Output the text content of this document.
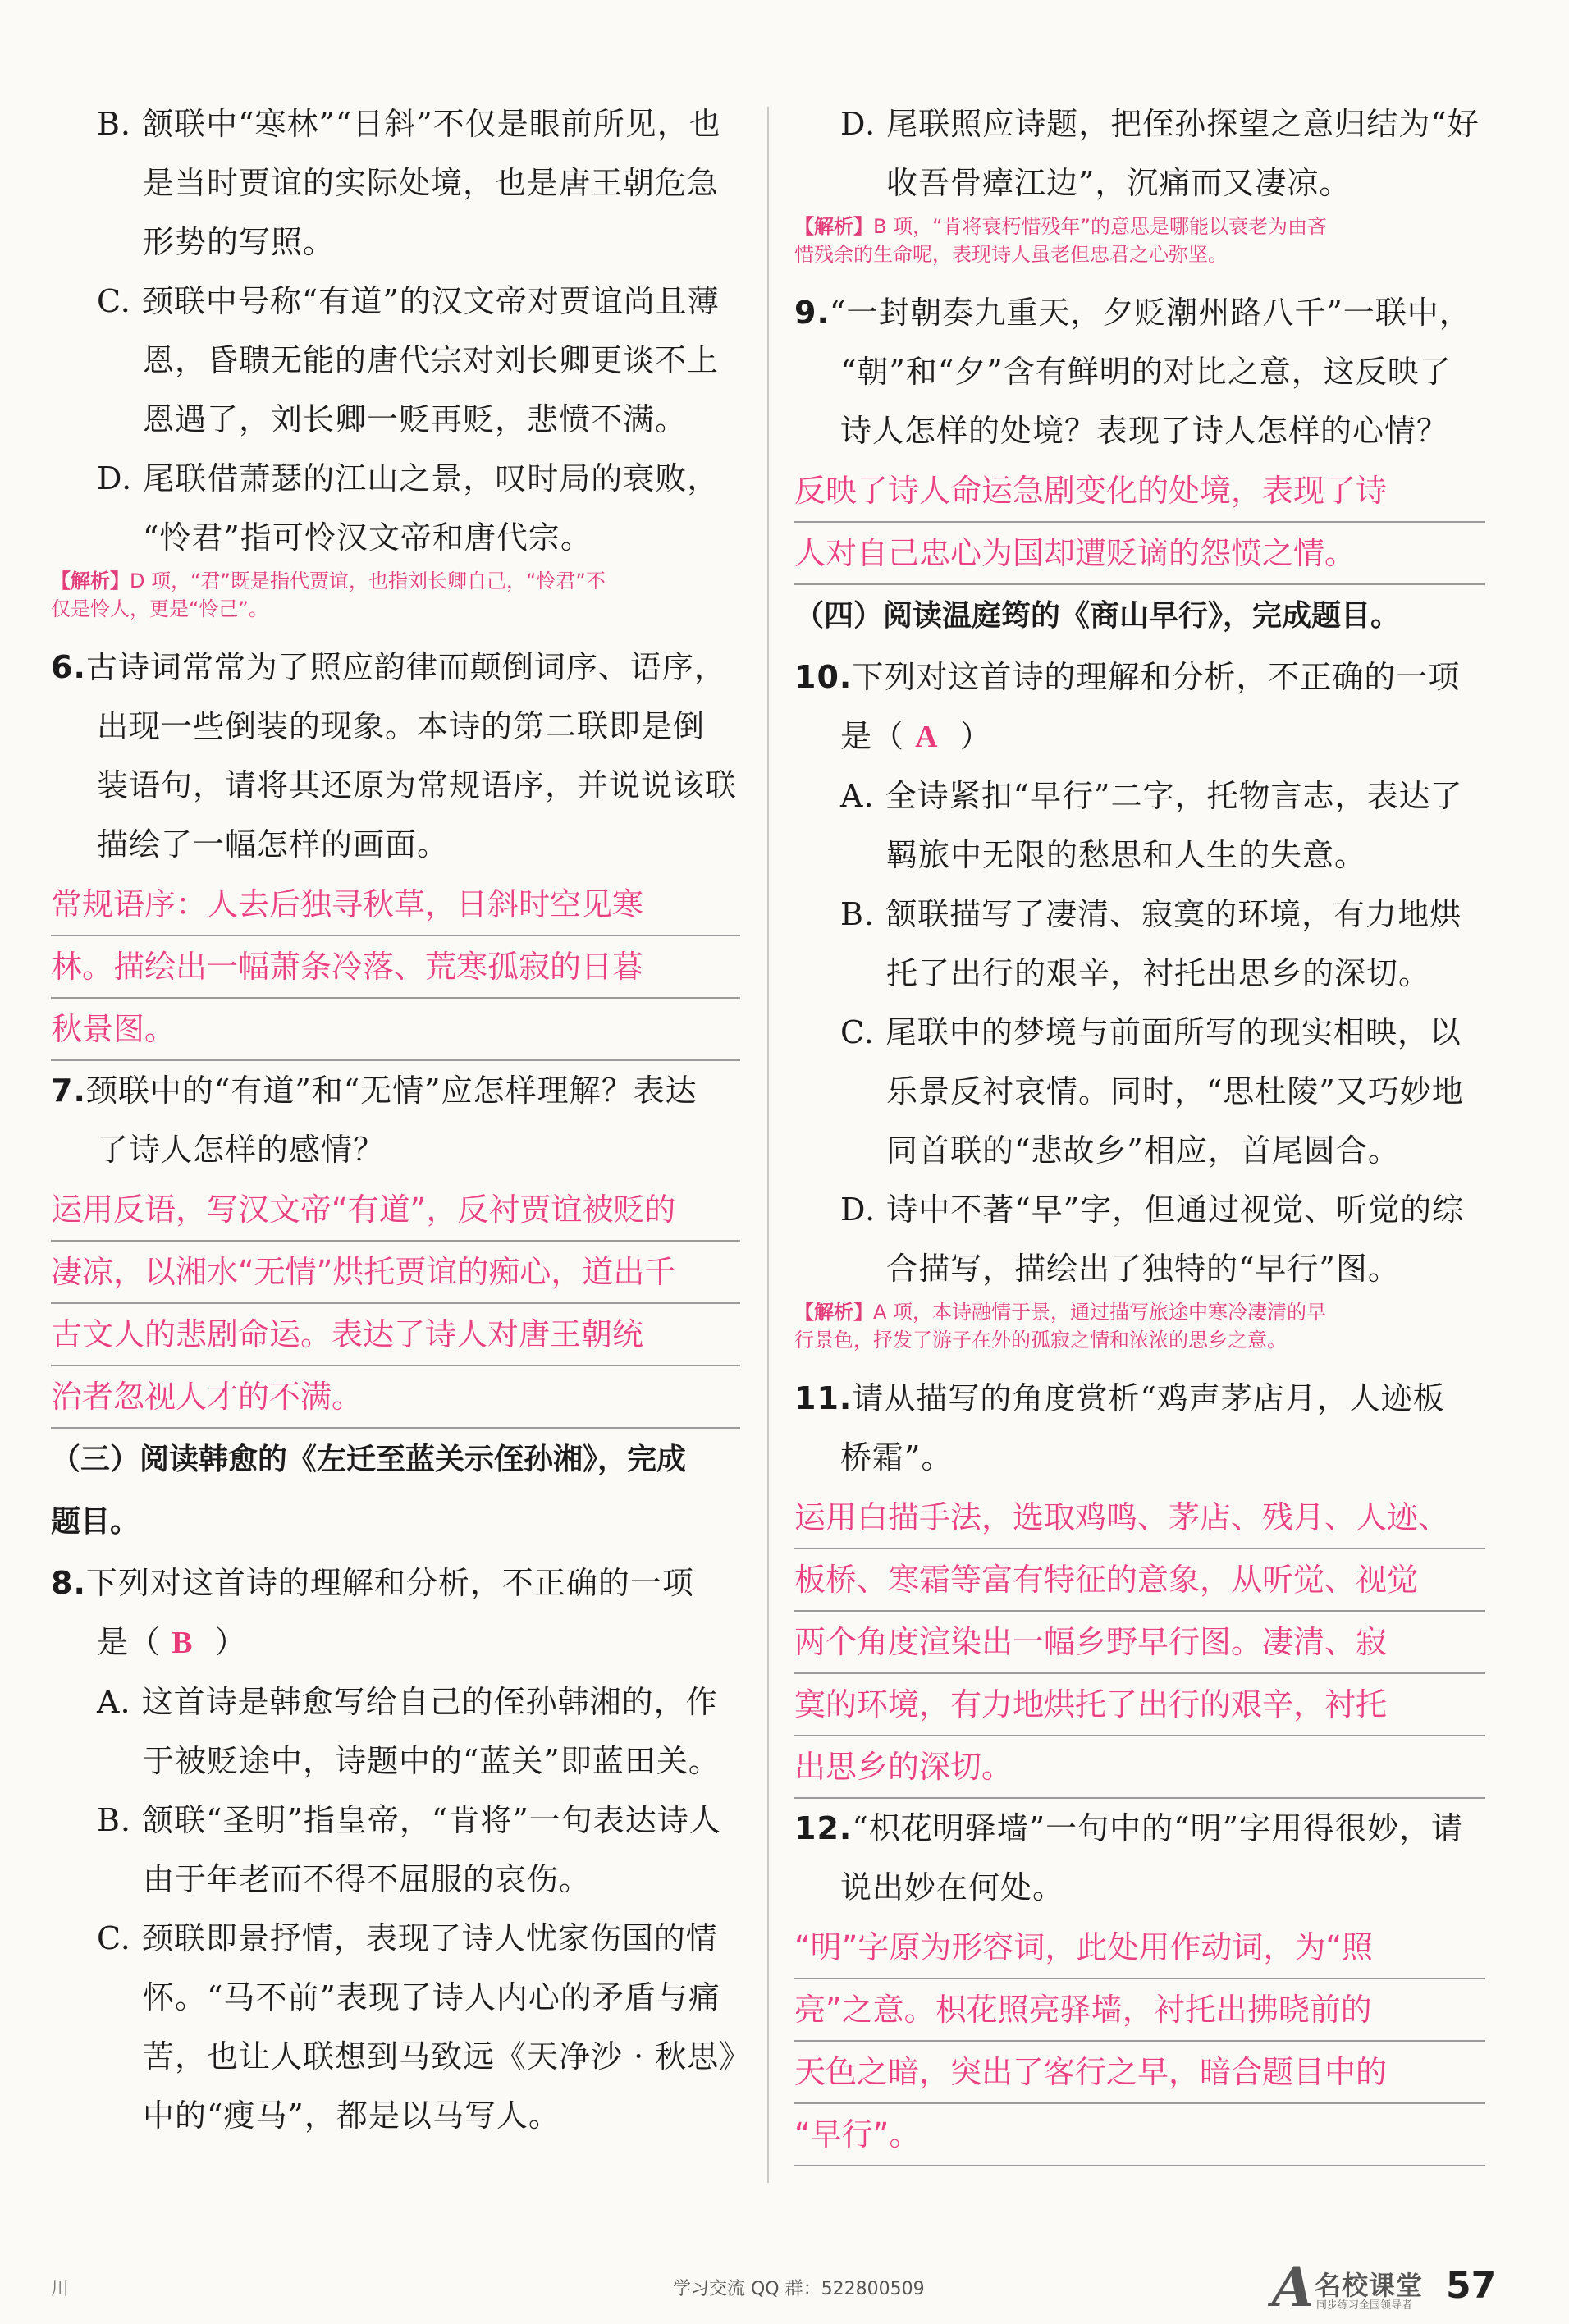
B. 颔联中“寒林”“日斜”不仅是眼前所见，也
是当时贾谊的实际处境，也是唐王朝危急
形势的写照。
C. 颈联中号称“有道”的汉文帝对贾谊尚且薄
恩，昏聩无能的唐代宗对刘长卿更谈不上
恩遇了，刘长卿一贬再贬，悲愤不满。
D. 尾联借萧瑟的江山之景，叹时局的衰败，
“怜君”指可怜汉文帝和唐代宗。
【解析】D 项，“君”既是指代贾谊，也指刘长卿自己，“怜君”不
仅是怜人，更是“怜己”。
6.古诗词常常为了照应韵律而颠倒词序、语序，
出现一些倒装的现象。本诗的第二联即是倒
装语句，请将其还原为常规语序，并说说该联
描绘了一幅怎样的画面。
常规语序：人去后独寻秋草，日斜时空见寒
林。描绘出一幅萧条冷落、荒寒孤寂的日暮
秋景图。
7.颈联中的“有道”和“无情”应怎样理解？表达
了诗人怎样的感情？
运用反语，写汉文帝“有道”，反衬贾谊被贬的
凄凉，以湘水“无情”烘托贾谊的痴心，道出千
古文人的悲剧命运。表达了诗人对唐王朝统
治者忽视人才的不满。
（三）阅读韩愈的《左迁至蓝关示侄孙湘》，完成
题目。
8.下列对这首诗的理解和分析，不正确的一项
是（ B ）
A. 这首诗是韩愈写给自己的侄孙韩湘的，作
于被贬途中，诗题中的“蓝关”即蓝田关。
B. 颔联“圣明”指皇帝，“肯将”一句表达诗人
由于年老而不得不屈服的哀伤。
C. 颈联即景抒情，表现了诗人忧家伤国的情
怀。“马不前”表现了诗人内心的矛盾与痛
苦，也让人联想到马致远《天净沙 · 秋思》
中的“瘦马”，都是以马写人。
D. 尾联照应诗题，把侄孙探望之意归结为“好
收吾骨瘴江边”，沉痛而又凄凉。
【解析】B 项，“肯将衰朽惜残年”的意思是哪能以衰老为由吝
惜残余的生命呢，表现诗人虽老但忠君之心弥坚。
9.“一封朝奏九重天，夕贬潮州路八千”一联中，
“朝”和“夕”含有鲜明的对比之意，这反映了
诗人怎样的处境？表现了诗人怎样的心情？
反映了诗人命运急剧变化的处境，表现了诗
人对自己忠心为国却遭贬谪的怨愤之情。
（四）阅读温庭筠的《商山早行》，完成题目。
10.下列对这首诗的理解和分析，不正确的一项
是（ A ）
A. 全诗紧扣“早行”二字，托物言志，表达了
羁旅中无限的愁思和人生的失意。
B. 颔联描写了凄清、寂寞的环境，有力地烘
托了出行的艰辛，衬托出思乡的深切。
C. 尾联中的梦境与前面所写的现实相映，以
乐景反衬哀情。同时，“思杜陵”又巧妙地
同首联的“悲故乡”相应，首尾圆合。
D. 诗中不著“早”字，但通过视觉、听觉的综
合描写，描绘出了独特的“早行”图。
【解析】A 项，本诗融情于景，通过描写旅途中寒冷凄清的早
行景色，抒发了游子在外的孤寂之情和浓浓的思乡之意。
11.请从描写的角度赏析“鸡声茅店月，人迹板
桥霜”。
运用白描手法，选取鸡鸣、茅店、残月、人迹、
板桥、寒霜等富有特征的意象，从听觉、视觉
两个角度渲染出一幅乡野早行图。凄清、寂
寞的环境，有力地烘托了出行的艰辛，衬托
出思乡的深切。
12.“枳花明驿墙”一句中的“明”字用得很妙，请
说出妙在何处。
“明”字原为形容词，此处用作动词，为“照
亮”之意。枳花照亮驿墙，衬托出拂晓前的
天色之暗，突出了客行之早，暗合题目中的
“早行”。
川	学习交流 QQ 群：522800509	A 名校课堂
同步练习全国领导者 57
